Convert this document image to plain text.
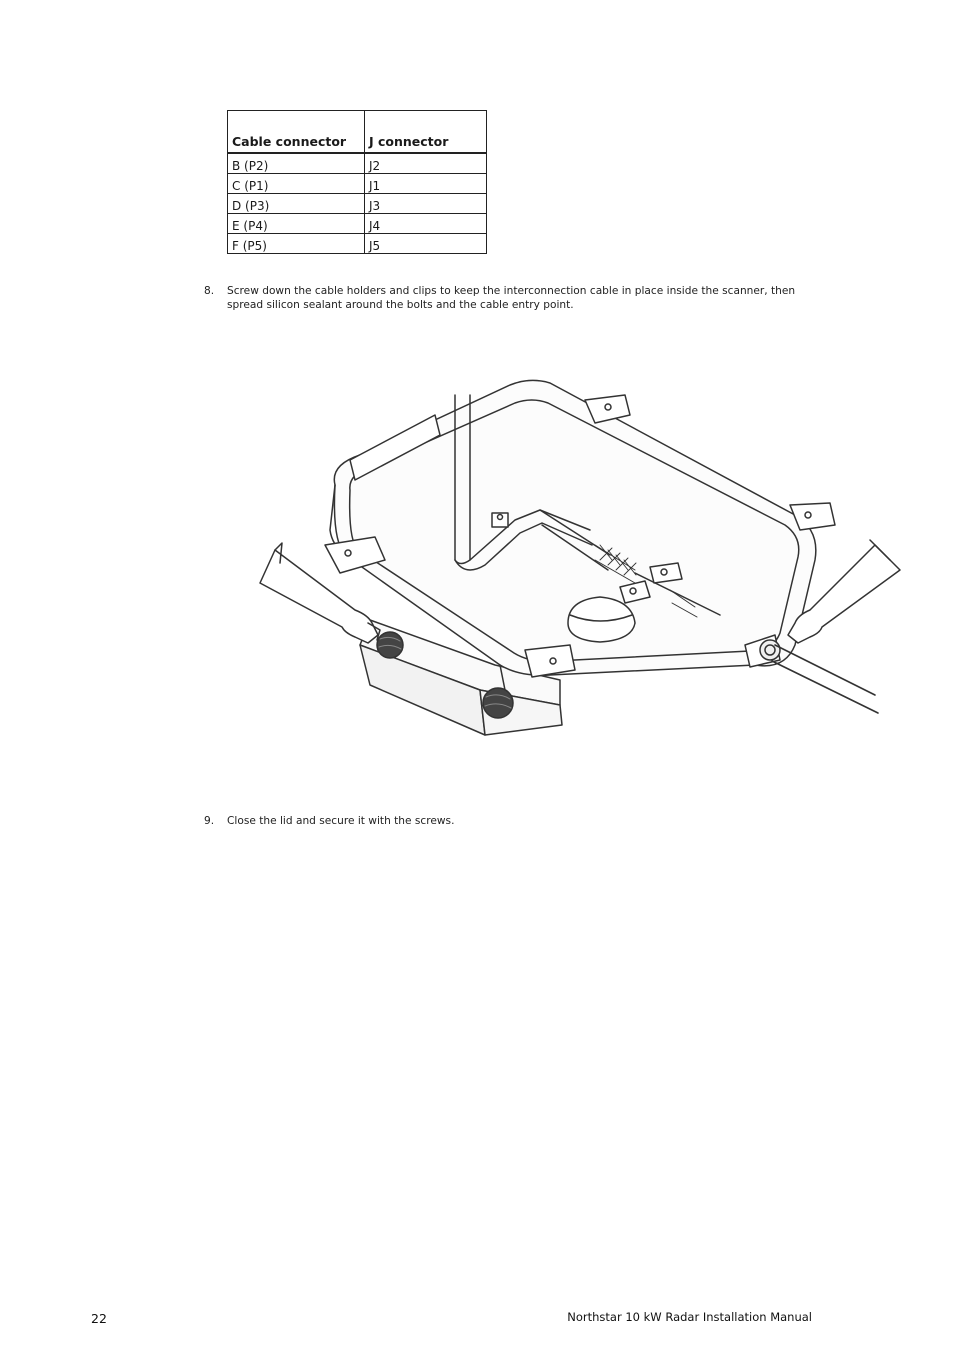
Cable connector	J connector
B (P2)	J2
C (P1)	J1
D (P3)	J3
E (P4)	J4
F (P5)	J5
8. Screw down the cable holders and clips to keep the interconnection cable in place inside the scanner, then spread silicon sealant around the bolts and the cable entry point.
9. Close the lid and secure it with the screws.
22	Northstar 10 kW Radar Installation Manual
